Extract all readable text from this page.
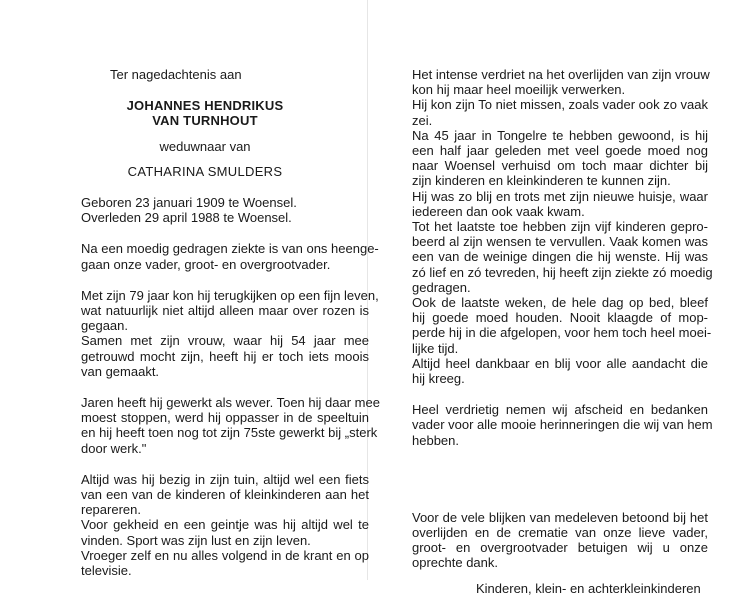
Ter nagedachtenis aan
JOHANNES HENDRIKUS
VAN TURNHOUT
weduwnaar van
CATHARINA SMULDERS
Geboren 23 januari 1909 te Woensel.
Overleden 29 april 1988 te Woensel.
Na een moedig gedragen ziekte is van ons heenge-
gaan onze vader, groot- en overgrootvader.
Met zijn 79 jaar kon hij terugkijken op een fijn leven,
wat natuurlijk niet altijd alleen maar over rozen is
gegaan.
Samen met zijn vrouw, waar hij 54 jaar mee
getrouwd mocht zijn, heeft hij er toch iets moois
van gemaakt.
Jaren heeft hij gewerkt als wever. Toen hij daar mee
moest stoppen, werd hij oppasser in de speeltuin
en hij heeft toen nog tot zijn 75ste gewerkt bij „sterk
door werk."
Altijd was hij bezig in zijn tuin, altijd wel een fiets
van een van de kinderen of kleinkinderen aan het
repareren.
Voor gekheid en een geintje was hij altijd wel te
vinden. Sport was zijn lust en zijn leven.
Vroeger zelf en nu alles volgend in de krant en op
televisie.
Het intense verdriet na het overlijden van zijn vrouw
kon hij maar heel moeilijk verwerken.
Hij kon zijn To niet missen, zoals vader ook zo vaak
zei.
Na 45 jaar in Tongelre te hebben gewoond, is hij
een half jaar geleden met veel goede moed nog
naar Woensel verhuisd om toch maar dichter bij
zijn kinderen en kleinkinderen te kunnen zijn.
Hij was zo blij en trots met zijn nieuwe huisje, waar
iedereen dan ook vaak kwam.
Tot het laatste toe hebben zijn vijf kinderen gepro-
beerd al zijn wensen te vervullen. Vaak komen was
een van de weinige dingen die hij wenste. Hij was
zó lief en zó tevreden, hij heeft zijn ziekte zó moedig
gedragen.
Ook de laatste weken, de hele dag op bed, bleef
hij goede moed houden. Nooit klaagde of mop-
perde hij in die afgelopen, voor hem toch heel moei-
lijke tijd.
Altijd heel dankbaar en blij voor alle aandacht die
hij kreeg.
Heel verdrietig nemen wij afscheid en bedanken
vader voor alle mooie herinneringen die wij van hem
hebben.
Voor de vele blijken van medeleven betoond bij het
overlijden en de crematie van onze lieve vader,
groot- en overgrootvader betuigen wij u onze
oprechte dank.
Kinderen, klein- en achterkleinkinderen
